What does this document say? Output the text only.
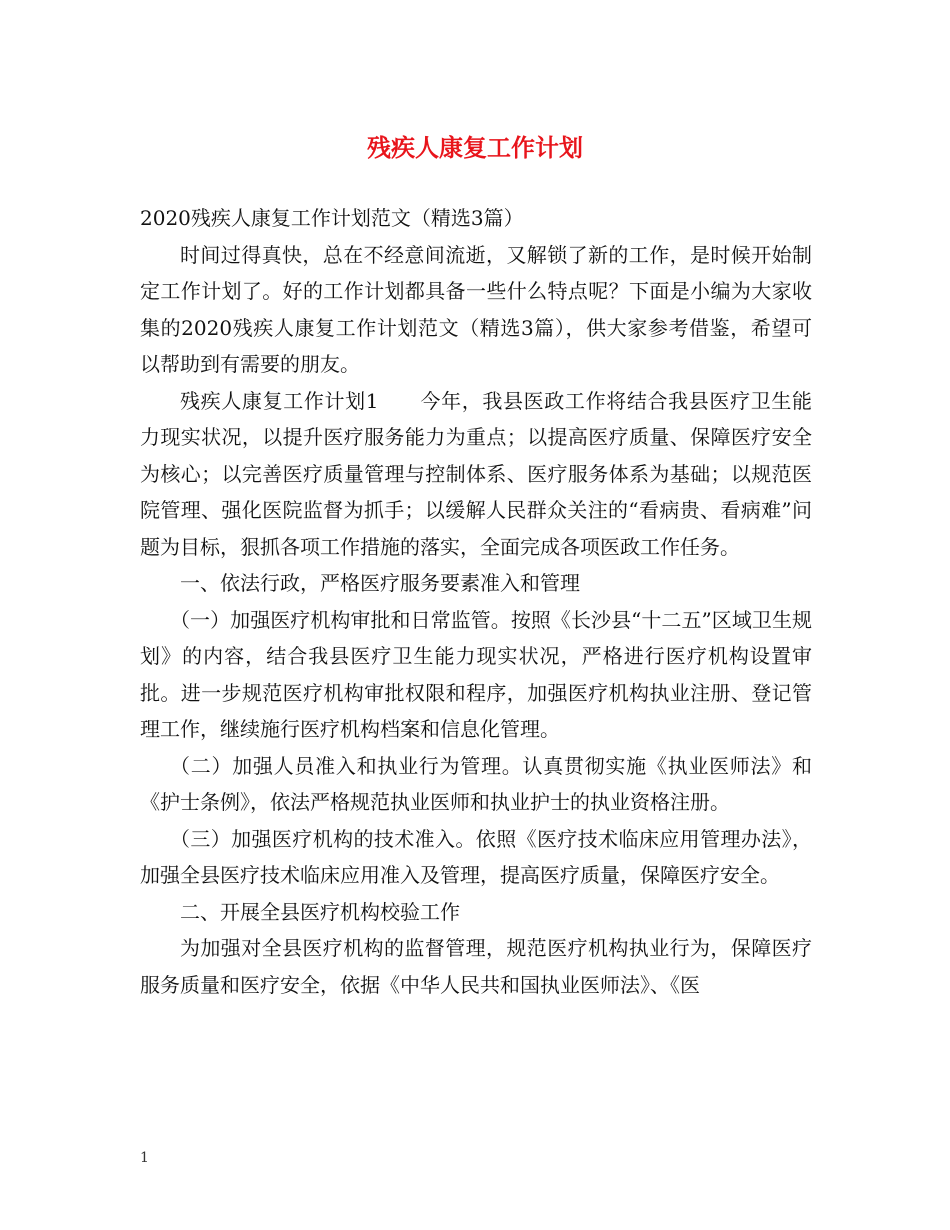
残疾人康复工作计划

2020残疾人康复工作计划范文（精选3篇）

时间过得真快，总在不经意间流逝，又解锁了新的工作，是时候开始制定工作计划了。好的工作计划都具备一些什么特点呢？下面是小编为大家收集的2020残疾人康复工作计划范文（精选3篇），供大家参考借鉴，希望可以帮助到有需要的朋友。

残疾人康复工作计划1　　今年，我县医政工作将结合我县医疗卫生能力现实状况，以提升医疗服务能力为重点；以提高医疗质量、保障医疗安全为核心；以完善医疗质量管理与控制体系、医疗服务体系为基础；以规范医院管理、强化医院监督为抓手；以缓解人民群众关注的“看病贵、看病难”问题为目标，狠抓各项工作措施的落实，全面完成各项医政工作任务。

一、依法行政，严格医疗服务要素准入和管理

（一）加强医疗机构审批和日常监管。按照《长沙县“十二五”区域卫生规划》的内容，结合我县医疗卫生能力现实状况，严格进行医疗机构设置审批。进一步规范医疗机构审批权限和程序，加强医疗机构执业注册、登记管理工作，继续施行医疗机构档案和信息化管理。

（二）加强人员准入和执业行为管理。认真贯彻实施《执业医师法》和《护士条例》，依法严格规范执业医师和执业护士的执业资格注册。

（三）加强医疗机构的技术准入。依照《医疗技术临床应用管理办法》，加强全县医疗技术临床应用准入及管理，提高医疗质量，保障医疗安全。

二、开展全县医疗机构校验工作

为加强对全县医疗机构的监督管理，规范医疗机构执业行为，保障医疗服务质量和医疗安全，依据《中华人民共和国执业医师法》、《医

1
